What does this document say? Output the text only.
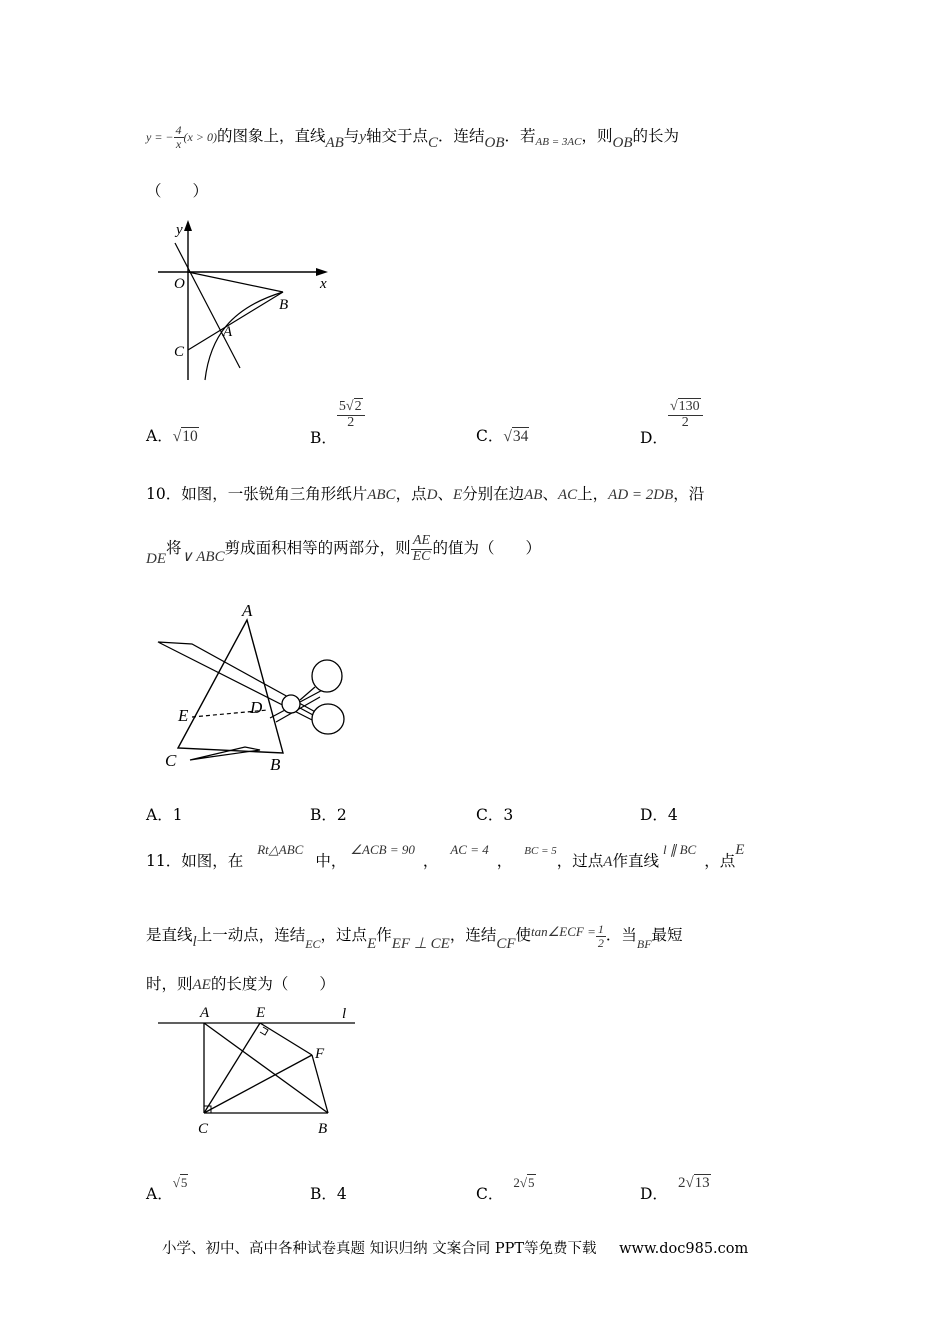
y = − $\frac{4}{x} (x > 0)$的图象上，直线AB与y轴交于点C．连结OB．若$_{AB = 3AC}$，则OB的长为
（　　）
y
x
O
B
A
C
A．√10	B．
$\frac{5√2}{2}$
C．√34	D．
$\frac{√130}{2}$
10．如图，一张锐角三角形纸片ABC，点D、E分别在边AB、AC上，AD = 2DB，沿
DE将∨ ABC剪成面积相等的两部分，则 $\frac{AE}{EC}$ 的值为（　　）
A
E	D
C	B
A．1	B．2	C．3	D．4
11．如图，在Rt△ABC中，∠ACB = 90，AC = 4，BC = 5，过点A作直线l ∥ BC，点E
是直线l上一动点，连结$_{EC}$，过点E作EF ⊥ CE，连结CF使$^{tan\angle ECF =} \frac{1}{2}$ ．当$_{BF}$最短
时，则AE的长度为（　　）
A	E	l
F
C	B
A．√5
B．4	C．2√5
D．2√13
小学、初中、高中各种试卷真题 知识归纳 文案合同 PPT等免费下载 www.doc985.com
